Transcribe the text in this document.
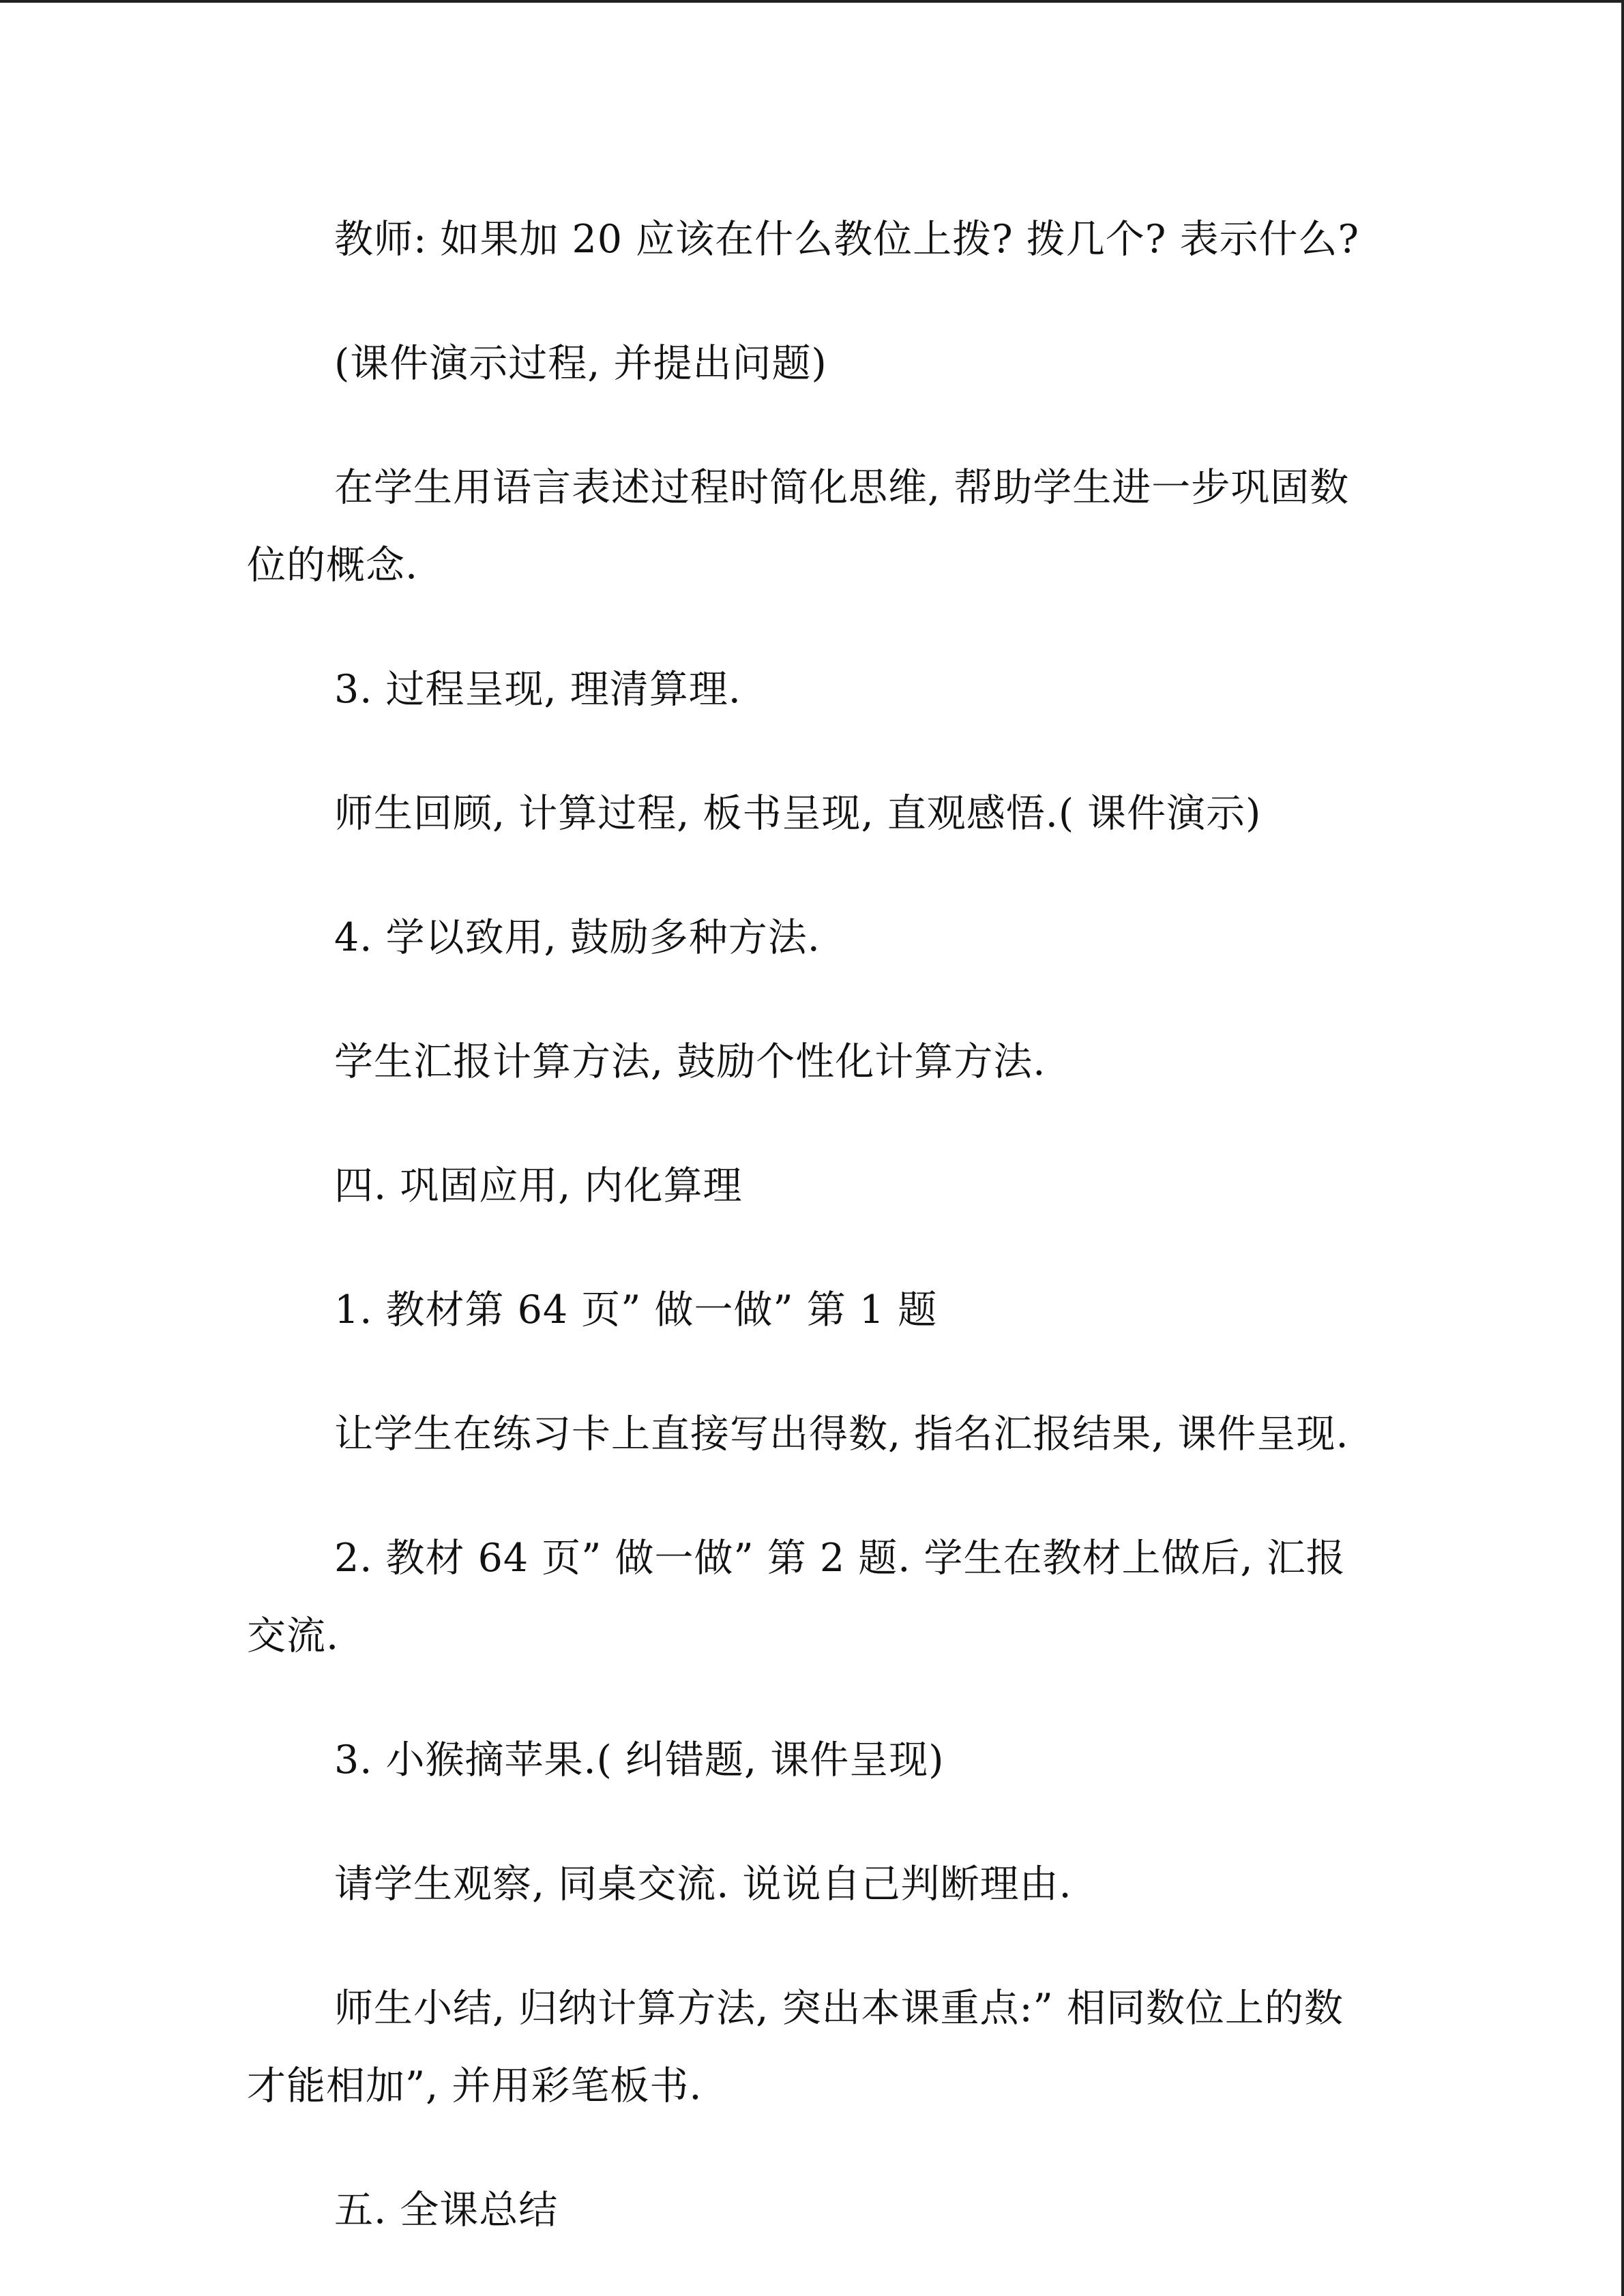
教师: 如果加 20 应该在什么教位上拨? 拨几个? 表示什么?

(课件演示过程, 并提出问题)

在学生用语言表述过程时简化思维, 帮助学生进一步巩固数位的概念.

3. 过程呈现, 理清算理.

师生回顾, 计算过程, 板书呈现, 直观感悟.( 课件演示)

4. 学以致用, 鼓励多种方法.

学生汇报计算方法, 鼓励个性化计算方法.

四. 巩固应用, 内化算理

1. 教材第 64 页” 做一做” 第 1 题

让学生在练习卡上直接写出得数, 指名汇报结果, 课件呈现.

2. 教材 64 页” 做一做” 第 2 题. 学生在教材上做后, 汇报交流.

3. 小猴摘苹果.( 纠错题, 课件呈现)

请学生观察, 同桌交流. 说说自己判断理由.

师生小结, 归纳计算方法, 突出本课重点:” 相同数位上的数才能相加”, 并用彩笔板书.

五. 全课总结
